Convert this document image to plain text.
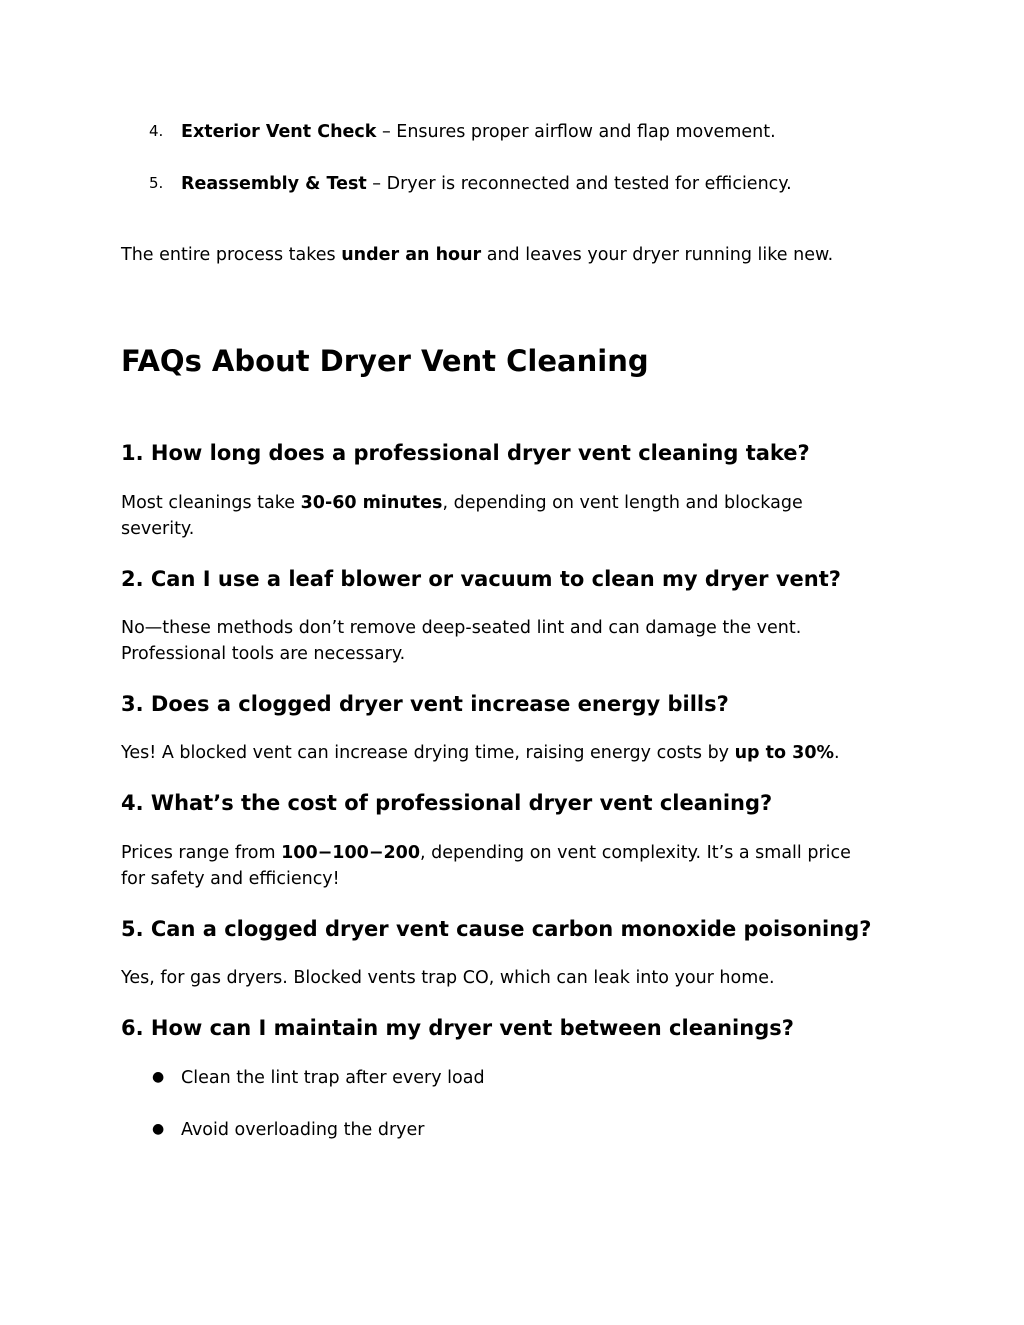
4. Exterior Vent Check – Ensures proper airflow and flap movement.
5. Reassembly & Test – Dryer is reconnected and tested for efficiency.
The entire process takes under an hour and leaves your dryer running like new.
FAQs About Dryer Vent Cleaning
1. How long does a professional dryer vent cleaning take?
Most cleanings take 30-60 minutes, depending on vent length and blockage
severity.
2. Can I use a leaf blower or vacuum to clean my dryer vent?
No—these methods don’t remove deep-seated lint and can damage the vent.
Professional tools are necessary.
3. Does a clogged dryer vent increase energy bills?
Yes! A blocked vent can increase drying time, raising energy costs by up to 30%.
4. What’s the cost of professional dryer vent cleaning?
Prices range from 100−100−200, depending on vent complexity. It’s a small price
for safety and efficiency!
5. Can a clogged dryer vent cause carbon monoxide poisoning?
Yes, for gas dryers. Blocked vents trap CO, which can leak into your home.
6. How can I maintain my dryer vent between cleanings?
● Clean the lint trap after every load
● Avoid overloading the dryer
